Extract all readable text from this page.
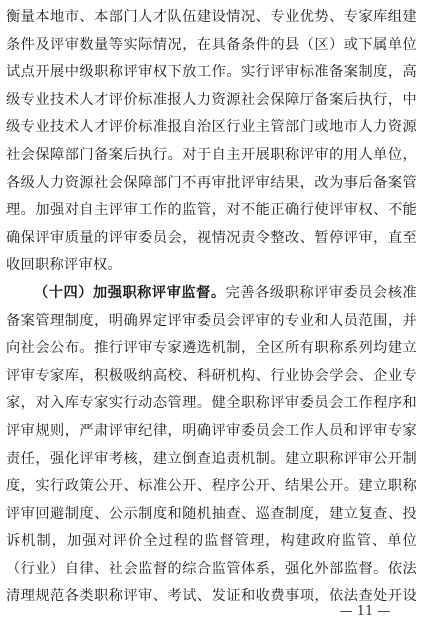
衡量本地市、本部门人才队伍建设情况、专业优势、专家库组建
条件及评审数量等实际情况，在具备条件的县（区）或下属单位
试点开展中级职称评审权下放工作。实行评审标准备案制度，高
级专业技术人才评价标准报人力资源社会保障厅备案后执行，中
级专业技术人才评价标准报自治区行业主管部门或地市人力资源
社会保障部门备案后执行。对于自主开展职称评审的用人单位，
各级人力资源社会保障部门不再审批评审结果，改为事后备案管
理。加强对自主评审工作的监管，对不能正确行使评审权、不能
确保评审质量的评审委员会，视情况责令整改、暂停评审，直至
收回职称评审权。
（十四）加强职称评审监督。完善各级职称评审委员会核准
备案管理制度，明确界定评审委员会评审的专业和人员范围，并
向社会公布。推行评审专家遴选机制，全区所有职称系列均建立
评审专家库，积极吸纳高校、科研机构、行业协会学会、企业专
家，对入库专家实行动态管理。健全职称评审委员会工作程序和
评审规则，严肃评审纪律，明确评审委员会工作人员和评审专家
责任，强化评审考核，建立倒查追责机制。建立职称评审公开制
度，实行政策公开、标准公开、程序公开、结果公开。建立职称
评审回避制度、公示制度和随机抽查、巡查制度，建立复查、投
诉机制，加强对评价全过程的监督管理，构建政府监管、单位
（行业）自律、社会监督的综合监管体系，强化外部监督。依法
清理规范各类职称评审、考试、发证和收费事项，依法查处开设
— 11 —
